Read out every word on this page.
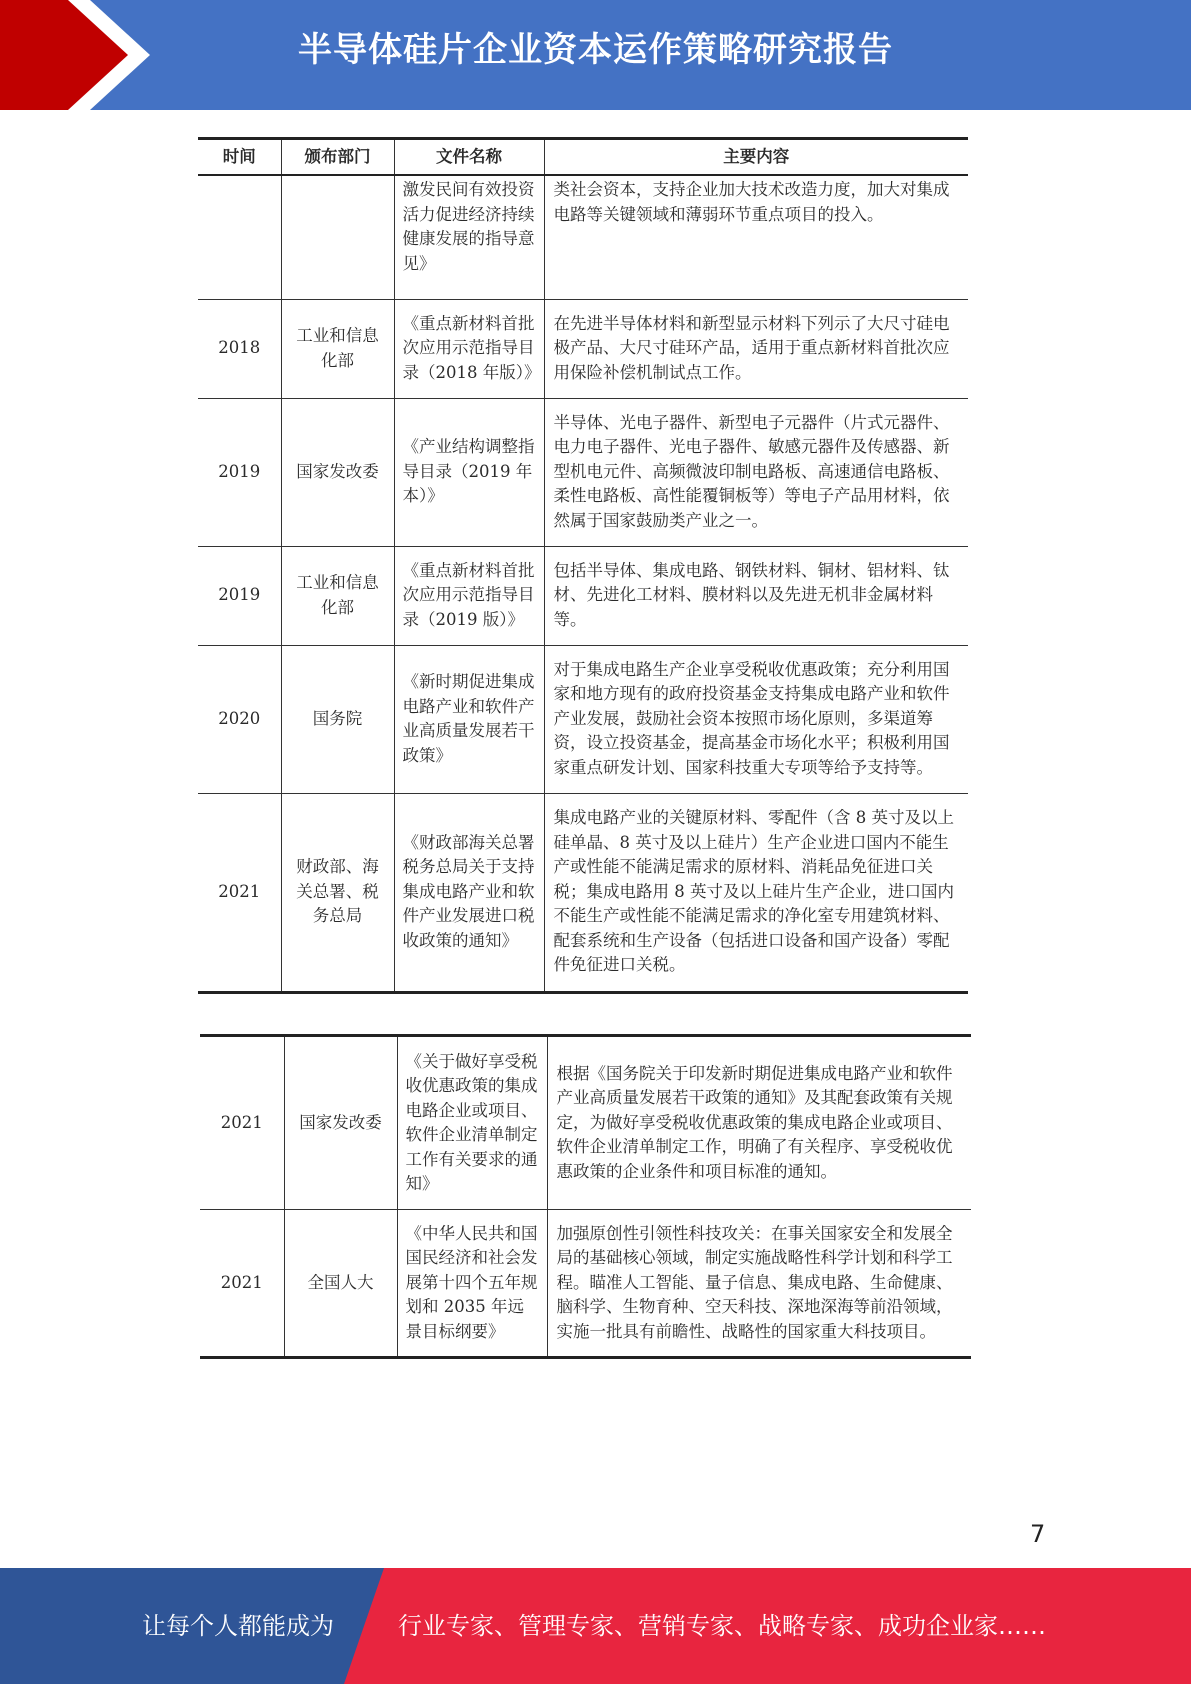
半导体硅片企业资本运作策略研究报告
时间	颁布部门	文件名称	主要内容
		激发民间有效投资活力促进经济持续健康发展的指导意见》	类社会资本，支持企业加大技术改造力度，加大对集成电路等关键领域和薄弱环节重点项目的投入。
2018	工业和信息化部	《重点新材料首批次应用示范指导目录（2018 年版）》	在先进半导体材料和新型显示材料下列示了大尺寸硅电极产品、大尺寸硅环产品，适用于重点新材料首批次应用保险补偿机制试点工作。
2019	国家发改委	《产业结构调整指导目录（2019 年本）》	半导体、光电子器件、新型电子元器件（片式元器件、电力电子器件、光电子器件、敏感元器件及传感器、新型机电元件、高频微波印制电路板、高速通信电路板、柔性电路板、高性能覆铜板等）等电子产品用材料，依然属于国家鼓励类产业之一。
2019	工业和信息化部	《重点新材料首批次应用示范指导目录（2019 版）》	包括半导体、集成电路、钢铁材料、铜材、铝材料、钛材、先进化工材料、膜材料以及先进无机非金属材料等。
2020	国务院	《新时期促进集成电路产业和软件产业高质量发展若干政策》	对于集成电路生产企业享受税收优惠政策；充分利用国家和地方现有的政府投资基金支持集成电路产业和软件产业发展，鼓励社会资本按照市场化原则，多渠道筹资，设立投资基金，提高基金市场化水平；积极利用国家重点研发计划、国家科技重大专项等给予支持等。
2021	财政部、海关总署、税务总局	《财政部海关总署税务总局关于支持集成电路产业和软件产业发展进口税收政策的通知》	集成电路产业的关键原材料、零配件（含 8 英寸及以上硅单晶、8 英寸及以上硅片）生产企业进口国内不能生产或性能不能满足需求的原材料、消耗品免征进口关税；集成电路用 8 英寸及以上硅片生产企业，进口国内不能生产或性能不能满足需求的净化室专用建筑材料、配套系统和生产设备（包括进口设备和国产设备）零配件免征进口关税。
2021	国家发改委	《关于做好享受税收优惠政策的集成电路企业或项目、软件企业清单制定工作有关要求的通知》	根据《国务院关于印发新时期促进集成电路产业和软件产业高质量发展若干政策的通知》及其配套政策有关规定，为做好享受税收优惠政策的集成电路企业或项目、软件企业清单制定工作，明确了有关程序、享受税收优惠政策的企业条件和项目标准的通知。
2021	全国人大	《中华人民共和国国民经济和社会发展第十四个五年规划和 2035 年远景目标纲要》	加强原创性引领性科技攻关：在事关国家安全和发展全局的基础核心领域，制定实施战略性科学计划和科学工程。瞄准人工智能、量子信息、集成电路、生命健康、脑科学、生物育种、空天科技、深地深海等前沿领域，实施一批具有前瞻性、战略性的国家重大科技项目。
7
让每个人都能成为	行业专家、管理专家、营销专家、战略专家、成功企业家……
